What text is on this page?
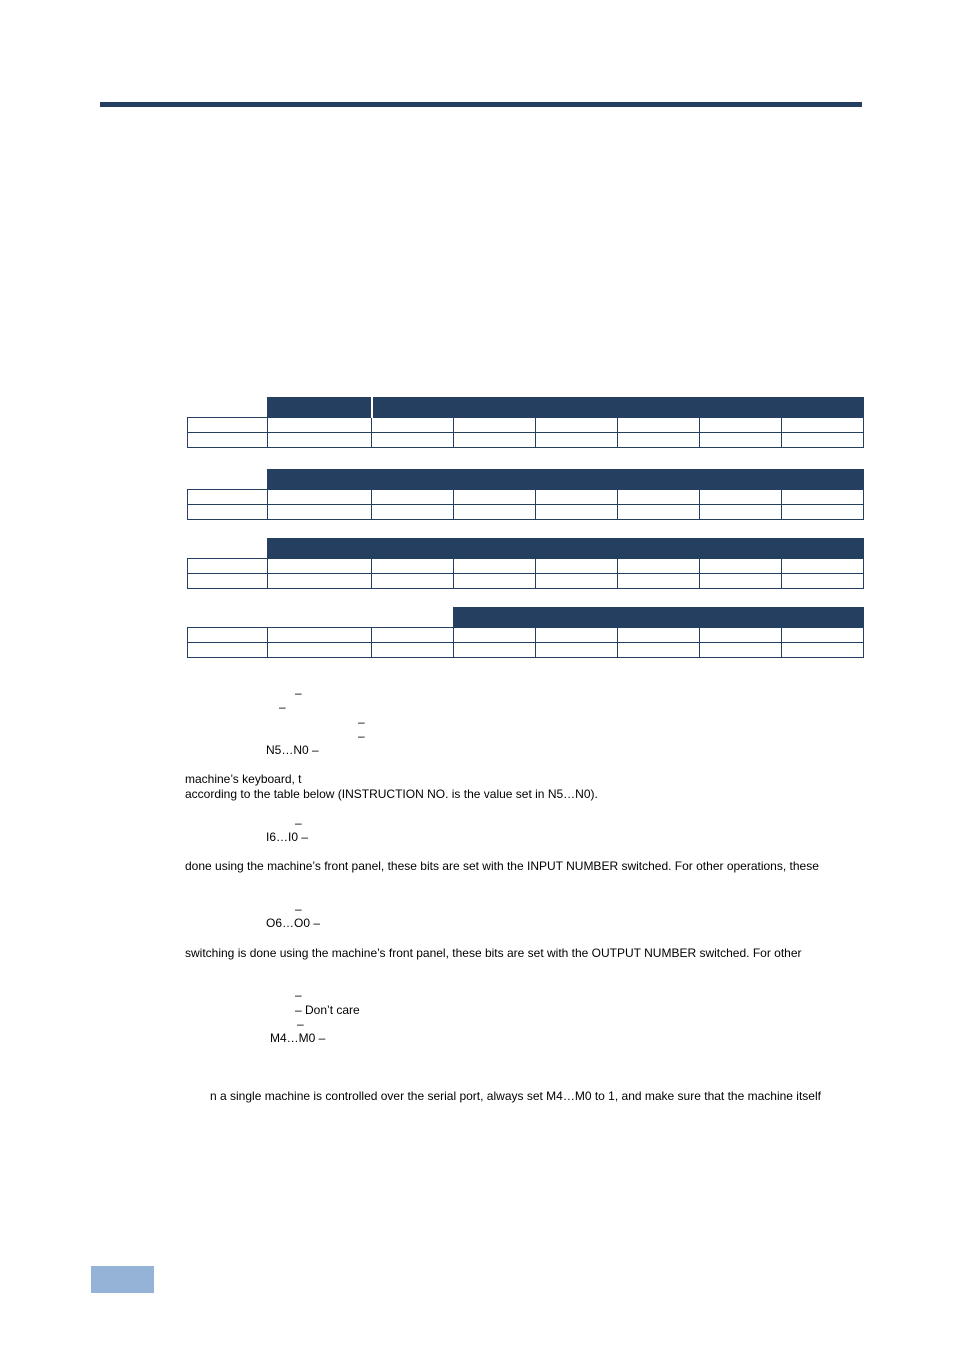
–
–
–
–
N5…N0 –
machine’s keyboard, t
according to the table below (INSTRUCTION NO. is the value set in N5…N0).
–
I6…I0 –
done using the machine’s front panel, these bits are set with the INPUT NUMBER switched. For other operations, these
–
O6…O0 –
switching is done using the machine’s front panel, these bits are set with the OUTPUT NUMBER switched. For other
–
– Don’t care
–
M4…M0 –
n a single machine is controlled over the serial port, always set M4…M0 to 1, and make sure that the machine itself
